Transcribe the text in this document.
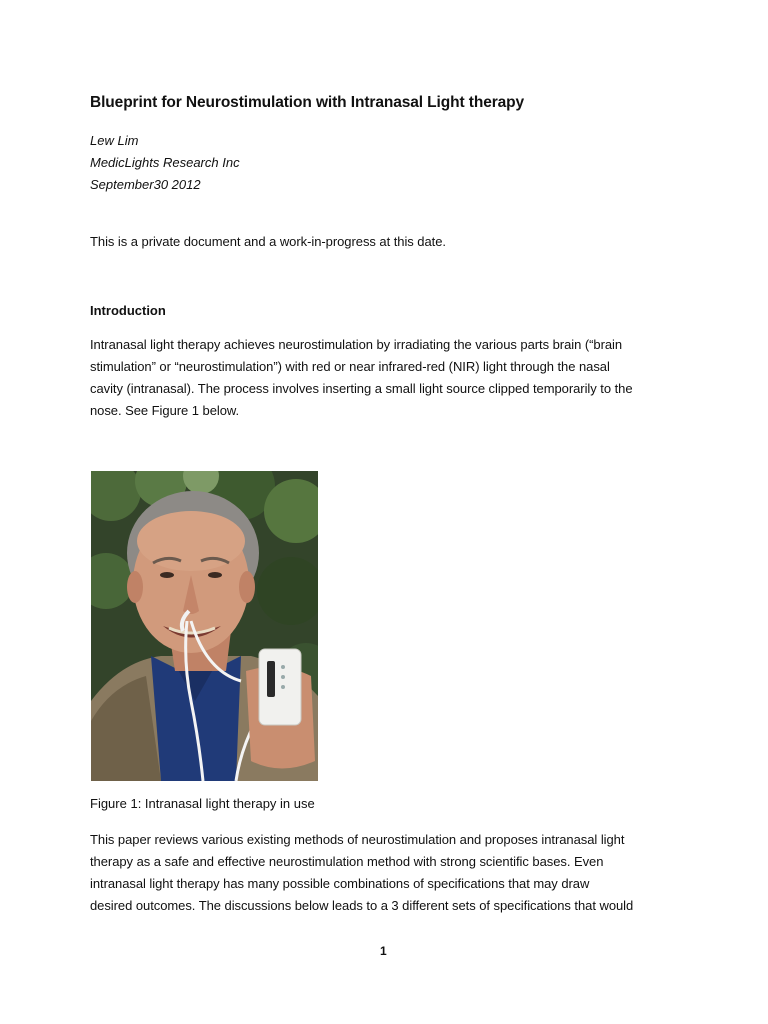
Blueprint for Neurostimulation with Intranasal Light therapy
Lew Lim
MedicLights Research Inc
September30 2012
This is a private document and a work-in-progress at this date.
Introduction
Intranasal light therapy achieves neurostimulation by irradiating the various parts brain (“brain
stimulation” or “neurostimulation”) with red or near infrared-red (NIR) light through the nasal
cavity (intranasal). The process involves inserting a small light source clipped temporarily to the
nose. See Figure 1 below.
Figure 1: Intranasal light therapy in use
This paper reviews various existing methods of neurostimulation and proposes intranasal light
therapy as a safe and effective neurostimulation method with strong scientific bases. Even
intranasal light therapy has many possible combinations of specifications that may draw
desired outcomes. The discussions below leads to a 3 different sets of specifications that would
1
